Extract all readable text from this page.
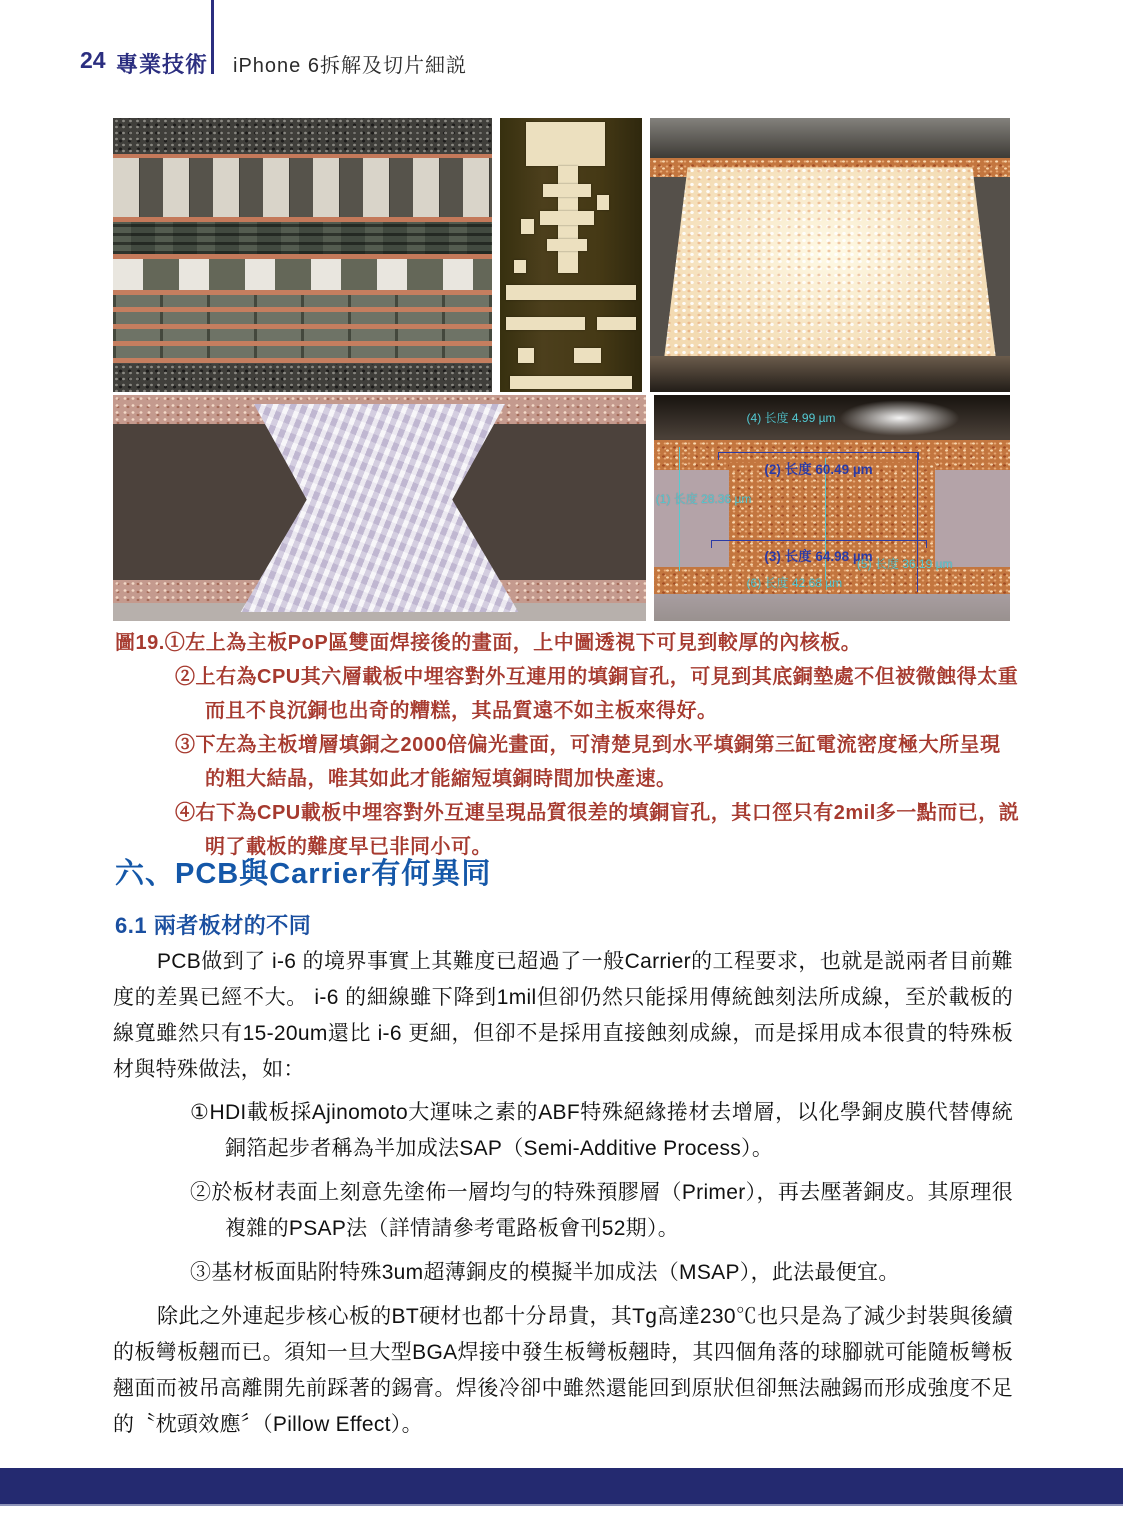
24 專業技術 iPhone 6拆解及切片細説
(4) 长度 4.99 µm
(2) 长度 60.49 µm
(1) 长度 28.36 µm
(3) 长度 64.98 µm
(5) 长度 36.19 µm
(6) 长度 42.68 µm

圖19.①左上為主板PoP區雙面焊接後的畫面，上中圖透視下可見到較厚的內核板。

②上右為CPU其六層載板中埋容對外互連用的填銅盲孔，可見到其底銅墊處不但被微蝕得太重而且不良沉銅也出奇的糟糕，其品質遠不如主板來得好。

③下左為主板增層填銅之2000倍偏光畫面，可清楚見到水平填銅第三缸電流密度極大所呈現的粗大結晶，唯其如此才能縮短填銅時間加快產速。

④右下為CPU載板中埋容對外互連呈現品質很差的填銅盲孔，其口徑只有2mil多一點而已，説明了載板的難度早已非同小可。

六、PCB與Carrier有何異同
6.1 兩者板材的不同

PCB做到了 i-6 的境界事實上其難度已超過了一般Carrier的工程要求，也就是説兩者目前難度的差異已經不大。 i-6 的細線雖下降到1mil但卻仍然只能採用傳統蝕刻法所成線，至於載板的線寬雖然只有15-20um還比 i-6 更細，但卻不是採用直接蝕刻成線，而是採用成本很貴的特殊板材與特殊做法，如：

①HDI載板採Ajinomoto大運味之素的ABF特殊絕緣捲材去增層，以化學銅皮膜代替傳統銅箔起步者稱為半加成法SAP（Semi-Additive Process）。

②於板材表面上刻意先塗佈一層均勻的特殊預膠層（Primer），再去壓著銅皮。其原理很複雜的PSAP法（詳情請參考電路板會刊52期）。

③基材板面貼附特殊3um超薄銅皮的模擬半加成法（MSAP），此法最便宜。

除此之外連起步核心板的BT硬材也都十分昂貴，其Tg高達230℃也只是為了減少封裝與後續的板彎板翹而已。須知一旦大型BGA焊接中發生板彎板翹時，其四個角落的球腳就可能隨板彎板翹面而被吊高離開先前踩著的錫膏。焊後冷卻中雖然還能回到原狀但卻無法融錫而形成強度不足的〝枕頭效應〞（Pillow Effect）。
